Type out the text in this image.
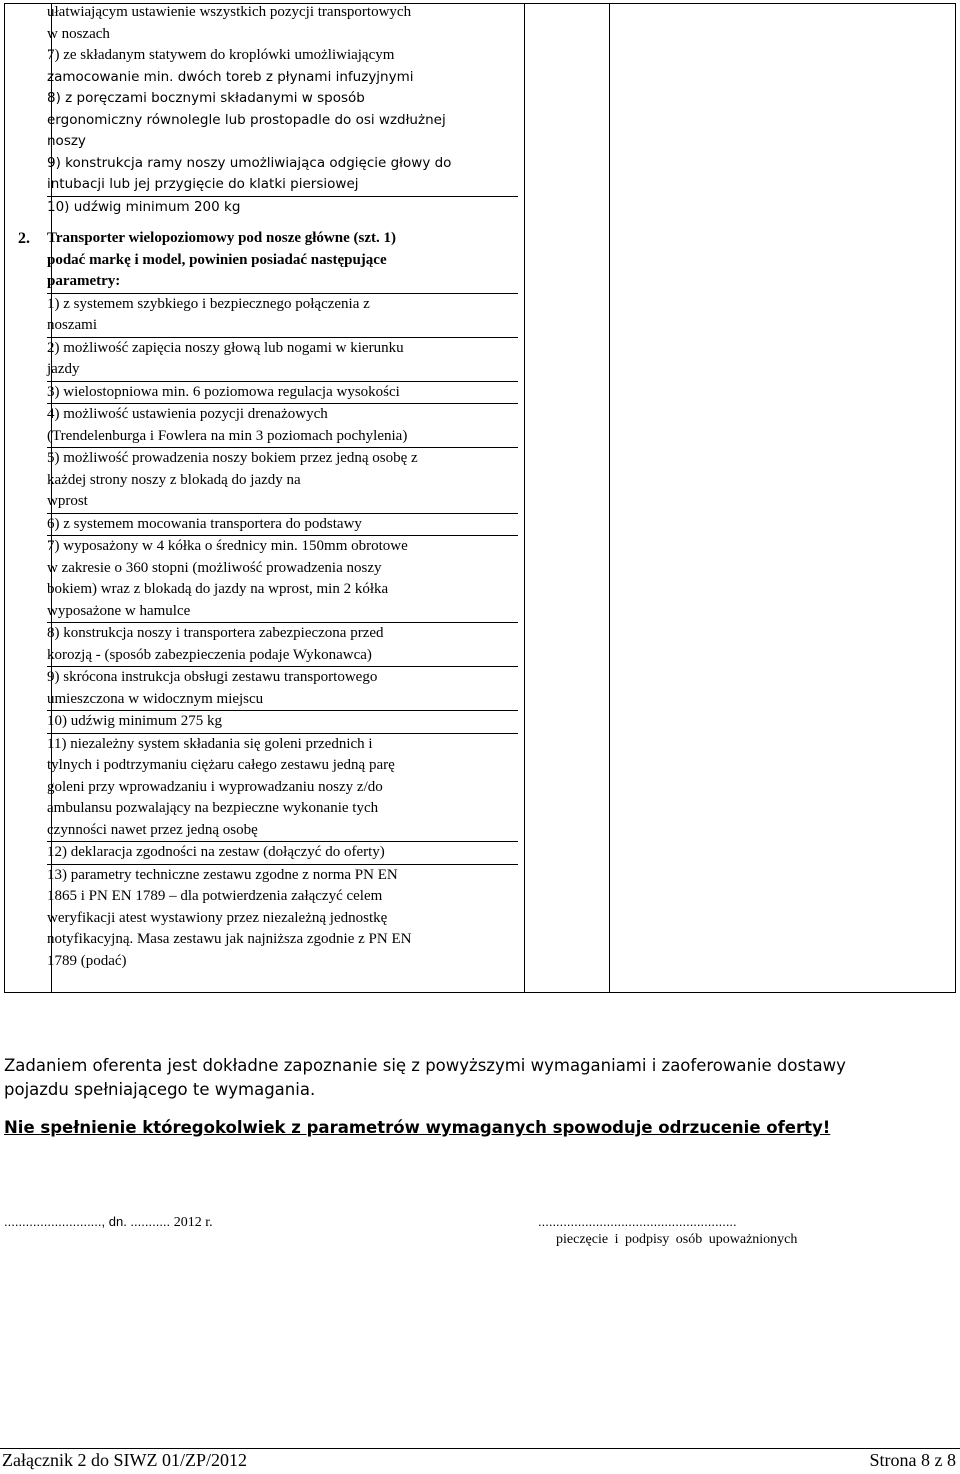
ułatwiającym ustawienie wszystkich pozycji transportowych
w noszach
7) ze składanym statywem do kroplówki umożliwiającym
zamocowanie min. dwóch toreb z płynami infuzyjnymi
8) z poręczami bocznymi składanymi w sposób
ergonomiczny równolegle lub prostopadle do osi wzdłużnej
noszy
9) konstrukcja ramy noszy umożliwiająca odgięcie głowy do
intubacji lub jej przygięcie do klatki piersiowej
10) udźwig minimum 200 kg
2. Transporter wielopoziomowy pod nosze główne (szt. 1)
podać markę i model, powinien posiadać następujące
parametry:
1) z systemem szybkiego i bezpiecznego połączenia z
noszami
2) możliwość zapięcia noszy głową lub nogami w kierunku
jazdy
3) wielostopniowa min. 6 poziomowa regulacja wysokości
4) możliwość ustawienia pozycji drenażowych
(Trendelenburga i Fowlera na min 3 poziomach pochylenia)
5) możliwość prowadzenia noszy bokiem przez jedną osobę z
każdej strony noszy z blokadą do jazdy na
wprost
6) z systemem mocowania transportera do podstawy
7) wyposażony w 4 kółka o średnicy min. 150mm obrotowe
w zakresie o 360 stopni (możliwość prowadzenia noszy
bokiem) wraz z blokadą do jazdy na wprost, min 2 kółka
wyposażone w hamulce
8) konstrukcja noszy i transportera zabezpieczona przed
korozją - (sposób zabezpieczenia podaje Wykonawca)
9) skrócona instrukcja obsługi zestawu transportowego
umieszczona w widocznym miejscu
10) udźwig minimum 275 kg
11) niezależny system składania się goleni przednich i
tylnych i podtrzymaniu ciężaru całego zestawu jedną parę
goleni przy wprowadzaniu i wyprowadzaniu noszy z/do
ambulansu pozwalający na bezpieczne wykonanie tych
czynności nawet przez jedną osobę
12) deklaracja zgodności na zestaw (dołączyć do oferty)
13) parametry techniczne zestawu zgodne z norma PN EN
1865 i PN EN 1789 – dla potwierdzenia załączyć celem
weryfikacji atest wystawiony przez niezależną jednostkę
notyfikacyjną. Masa zestawu jak najniższa zgodnie z PN EN
1789 (podać)
Zadaniem oferenta jest dokładne zapoznanie się z powyższymi wymaganiami i zaoferowanie dostawy
pojazdu spełniającego te wymagania.
Nie spełnienie któregokolwiek z parametrów wymaganych spowoduje odrzucenie oferty!
..........................., dn. ........... 2012 r.	.......................................................
pieczęcie i podpisy osób upoważnionych
Załącznik 2 do SIWZ 01/ZP/2012	Strona 8 z 8
